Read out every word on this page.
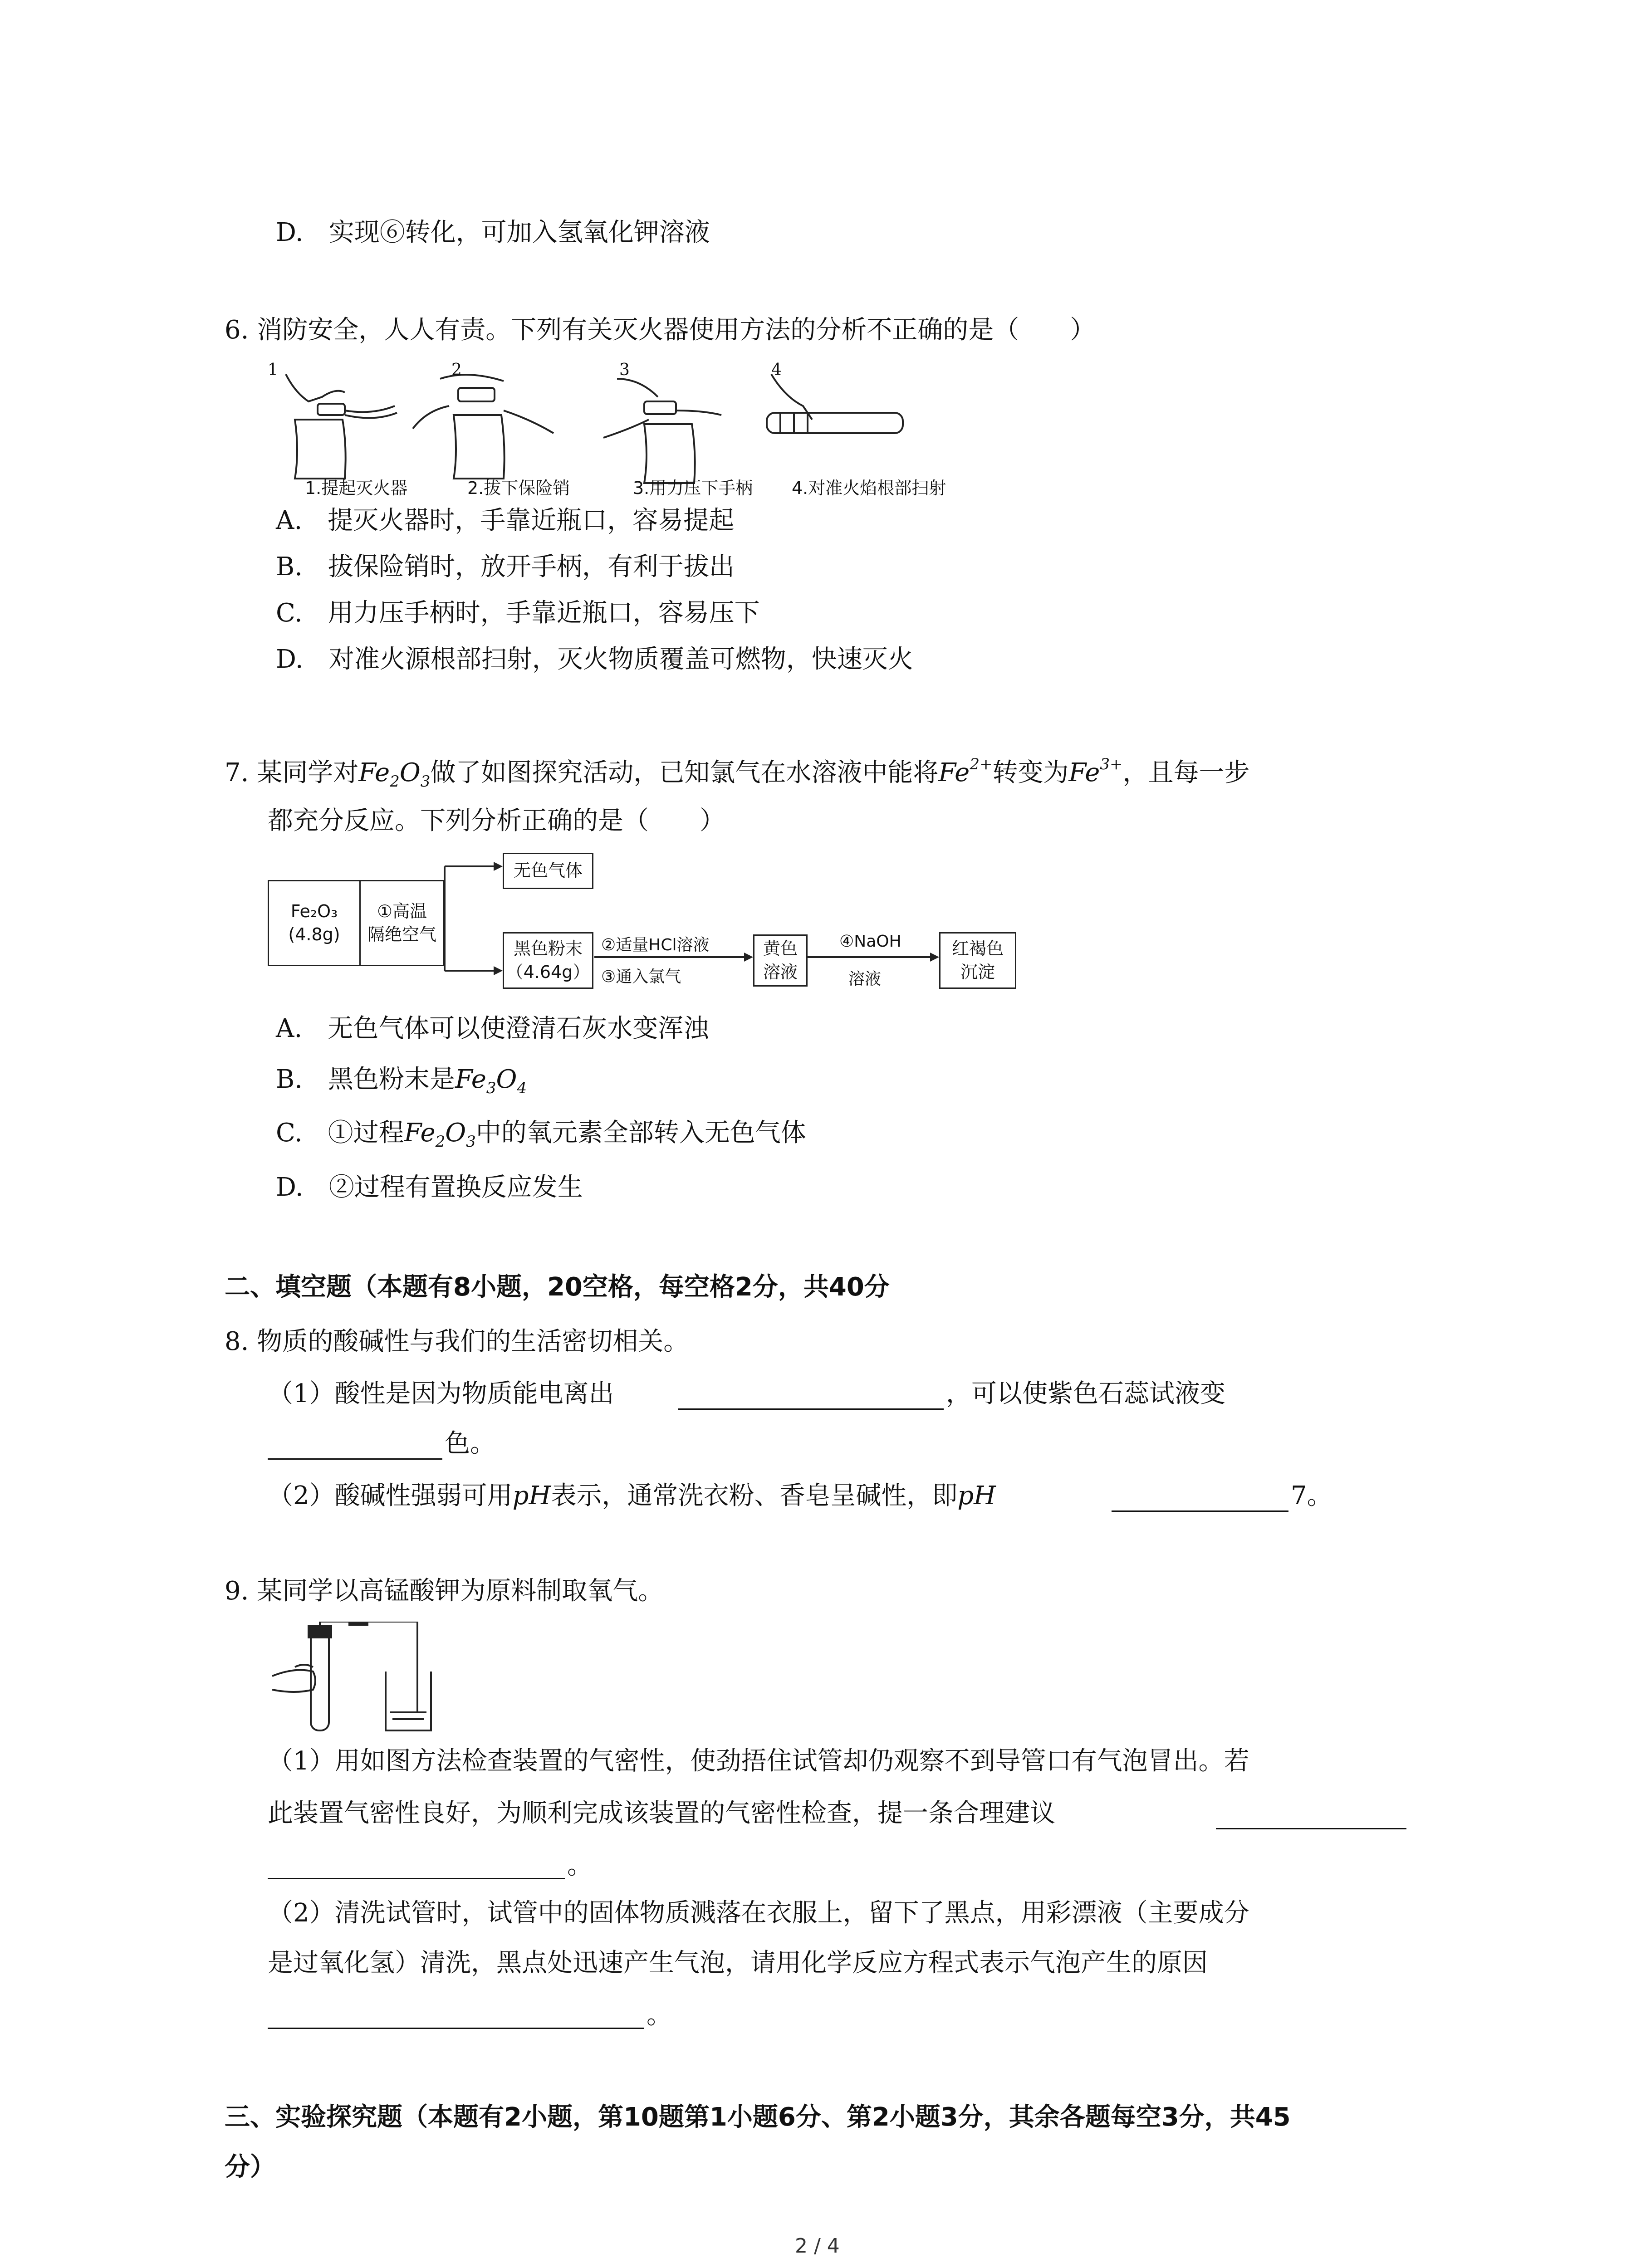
D.　实现⑥转化，可加入氢氧化钾溶液
6. 消防安全，人人有责。下列有关灭火器使用方法的分析不正确的是（　　）
1	2	3	4
1.提起灭火器	2.拔下保险销	3.用力压下手柄 4.对准火焰根部扫射
A.　提灭火器时，手靠近瓶口，容易提起
B.　拔保险销时，放开手柄，有利于拔出
C.　用力压手柄时，手靠近瓶口，容易压下
D.　对准火源根部扫射，灭火物质覆盖可燃物，快速灭火
7. 某同学对$Fe_2O_3$做了如图探究活动，已知氯气在水溶液中能将$Fe^{2+}$转变为$Fe^{3+}$，且每一步
都充分反应。下列分析正确的是（　　）
Fe₂O₃
(4.8g)
①高温
隔绝空气
无色气体
黑色粉末
（4.64g）
②适量HCl溶液
③通入氯气
黄色
溶液
④NaOH
溶液
红褐色
沉淀
A.　无色气体可以使澄清石灰水变浑浊
B.　黑色粉末是$Fe_3O_4$
C.　①过程$Fe_2O_3$中的氧元素全部转入无色气体
D.　②过程有置换反应发生
二、填空题（本题有8小题，20空格，每空格2分，共40分
8. 物质的酸碱性与我们的生活密切相关。
（1）酸性是因为物质能电离出	，可以使紫色石蕊试液变
色。
（2）酸碱性强弱可用pH表示，通常洗衣粉、香皂呈碱性，即pH	7。
9. 某同学以高锰酸钾为原料制取氧气。
（1）用如图方法检查装置的气密性，使劲捂住试管却仍观察不到导管口有气泡冒出。若
此装置气密性良好，为顺利完成该装置的气密性检查，提一条合理建议
。
（2）清洗试管时，试管中的固体物质溅落在衣服上，留下了黑点，用彩漂液（主要成分
是过氧化氢）清洗，黑点处迅速产生气泡，请用化学反应方程式表示气泡产生的原因
。
三、实验探究题（本题有2小题，第10题第1小题6分、第2小题3分，其余各题每空3分，共45
分）
2 / 4
